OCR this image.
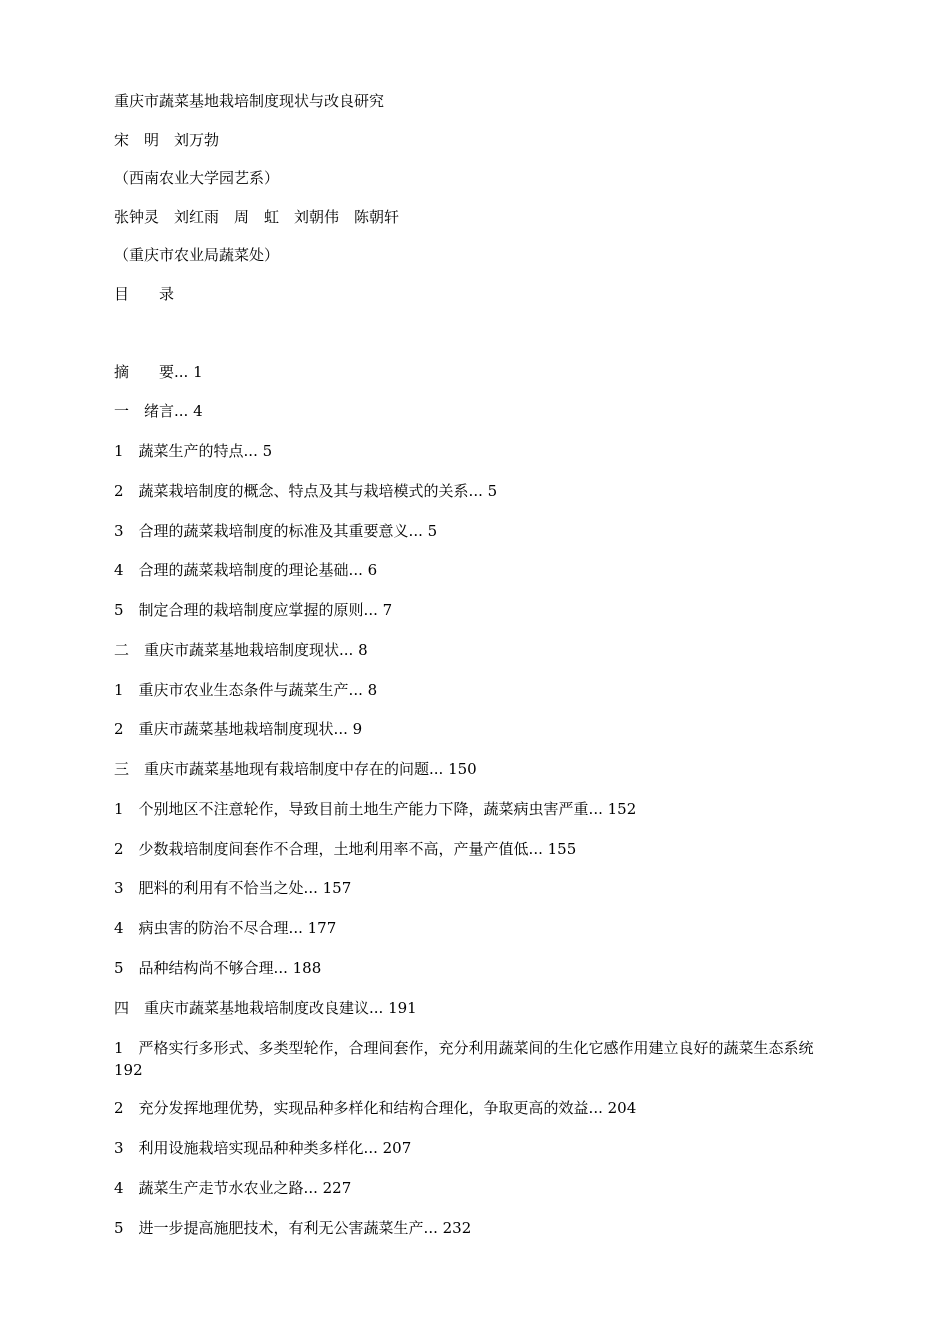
重庆市蔬菜基地栽培制度现状与改良研究
宋　明　刘万勃
（西南农业大学园艺系）
张钟灵　刘红雨　周　虹　刘朝伟　陈朝轩
（重庆市农业局蔬菜处）
目　　录
摘　　要... 1
一　绪言... 4
1　蔬菜生产的特点... 5
2　蔬菜栽培制度的概念、特点及其与栽培模式的关系... 5
3　合理的蔬菜栽培制度的标准及其重要意义... 5
4　合理的蔬菜栽培制度的理论基础... 6
5　制定合理的栽培制度应掌握的原则... 7
二　重庆市蔬菜基地栽培制度现状... 8
1　重庆市农业生态条件与蔬菜生产... 8
2　重庆市蔬菜基地栽培制度现状... 9
三　重庆市蔬菜基地现有栽培制度中存在的问题... 150
1　个别地区不注意轮作，导致目前土地生产能力下降，蔬菜病虫害严重... 152
2　少数栽培制度间套作不合理，土地利用率不高，产量产值低... 155
3　肥料的利用有不恰当之处... 157
4　病虫害的防治不尽合理... 177
5　品种结构尚不够合理... 188
四　重庆市蔬菜基地栽培制度改良建议... 191
1　严格实行多形式、多类型轮作，合理间套作，充分利用蔬菜间的生化它感作用建立良好的蔬菜生态系统　　192
2　充分发挥地理优势，实现品种多样化和结构合理化，争取更高的效益... 204
3　利用设施栽培实现品种种类多样化... 207
4　蔬菜生产走节水农业之路... 227
5　进一步提高施肥技术，有利无公害蔬菜生产... 232
